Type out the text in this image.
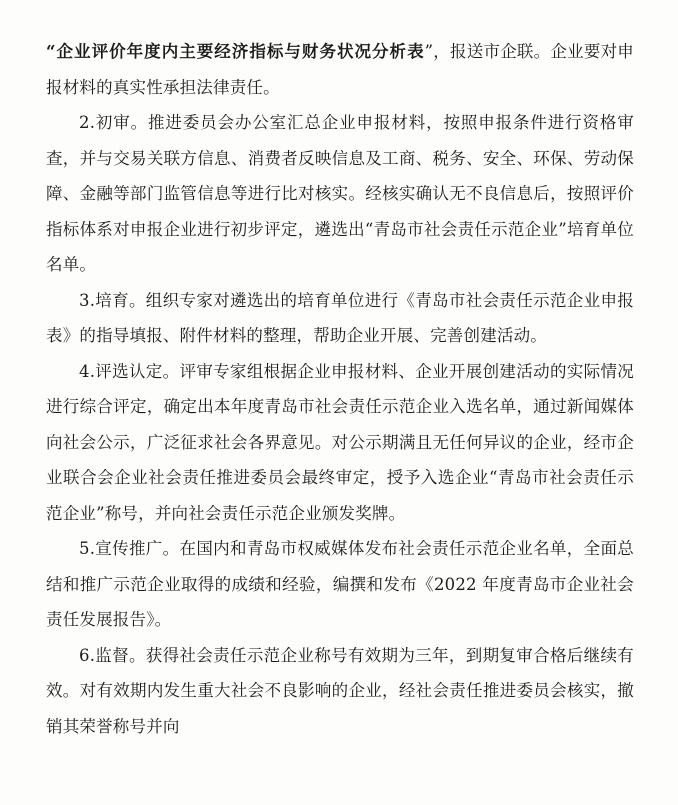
“企业评价年度内主要经济指标与财务状况分析表”，报送市企联。企业要对申报材料的真实性承担法律责任。

2.初审。推进委员会办公室汇总企业申报材料，按照申报条件进行资格审查，并与交易关联方信息、消费者反映信息及工商、税务、安全、环保、劳动保障、金融等部门监管信息等进行比对核实。经核实确认无不良信息后，按照评价指标体系对申报企业进行初步评定，遴选出“青岛市社会责任示范企业”培育单位名单。

3.培育。组织专家对遴选出的培育单位进行《青岛市社会责任示范企业申报表》的指导填报、附件材料的整理，帮助企业开展、完善创建活动。

4.评选认定。评审专家组根据企业申报材料、企业开展创建活动的实际情况进行综合评定，确定出本年度青岛市社会责任示范企业入选名单，通过新闻媒体向社会公示，广泛征求社会各界意见。对公示期满且无任何异议的企业，经市企业联合会企业社会责任推进委员会最终审定，授予入选企业“青岛市社会责任示范企业”称号，并向社会责任示范企业颁发奖牌。

5.宣传推广。在国内和青岛市权威媒体发布社会责任示范企业名单，全面总结和推广示范企业取得的成绩和经验，编撰和发布《2022 年度青岛市企业社会责任发展报告》。

6.监督。获得社会责任示范企业称号有效期为三年，到期复审合格后继续有效。对有效期内发生重大社会不良影响的企业，经社会责任推进委员会核实，撤销其荣誉称号并向
